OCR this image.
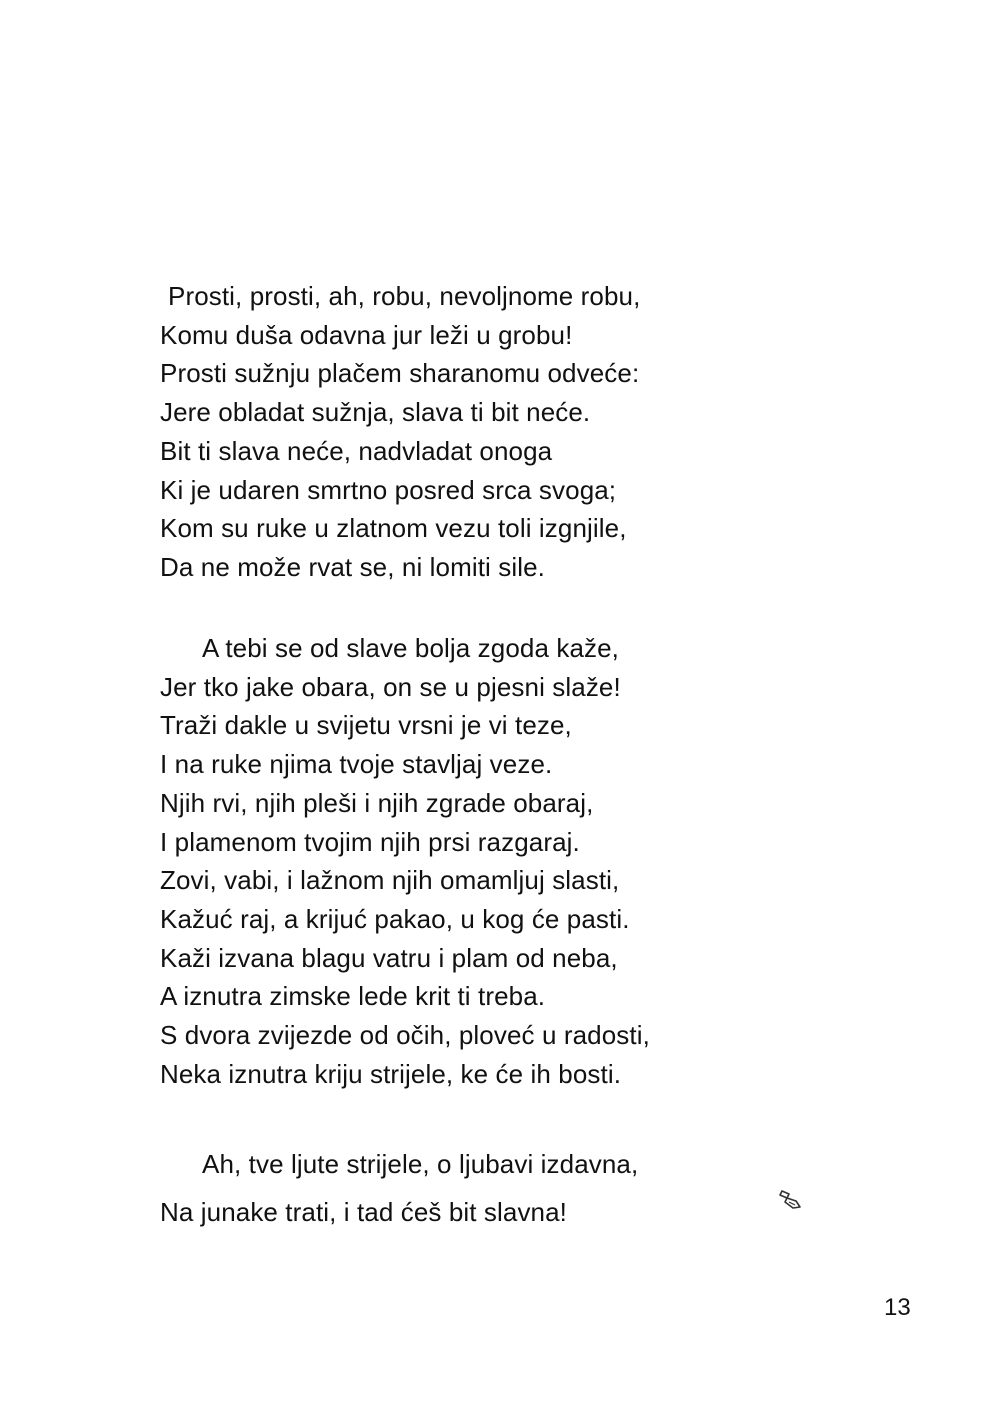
Prosti, prosti, ah, robu, nevoljnome robu,
Komu duša odavna jur leži u grobu!
Prosti sužnju plačem sharanomu odveće:
Jere obladat sužnja, slava ti bit neće.
Bit ti slava neće, nadvladat onoga
Ki je udaren smrtno posred srca svoga;
Kom su ruke u zlatnom vezu toli izgnjile,
Da ne može rvat se, ni lomiti sile.
A tebi se od slave bolja zgoda kaže,
Jer tko jake obara, on se u pjesni slaže!
Traži dakle u svijetu vrsni je vi teze,
I na ruke njima tvoje stavljaj veze.
Njih rvi, njih pleši i njih zgrade obaraj,
I plamenom tvojim njih prsi razgaraj.
Zovi, vabi, i lažnom njih omamljuj slasti,
Kažuć raj, a krijuć pakao, u kog će pasti.
Kaži izvana blagu vatru i plam od neba,
A iznutra zimske lede krit ti treba.
S dvora zvijezde od očih, ploveć u radosti,
Neka iznutra kriju strijele, ke će ih bosti.
Ah, tve ljute strijele, o ljubavi izdavna,
Na junake trati, i tad ćeš bit slavna!
13
